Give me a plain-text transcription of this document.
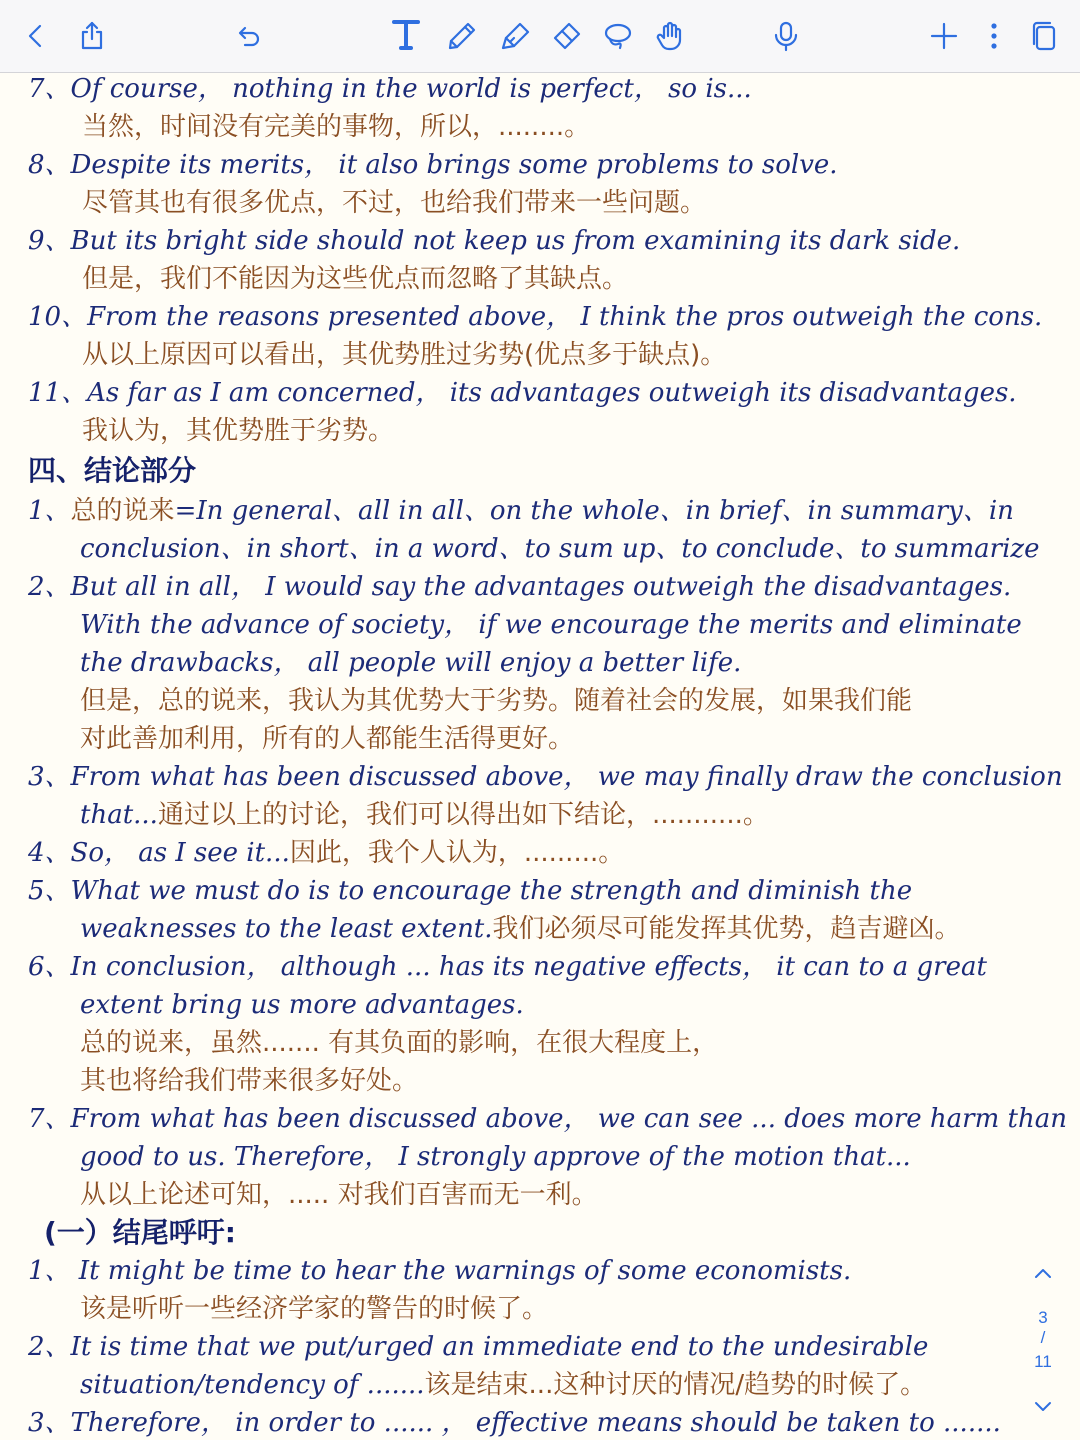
7、Of course， nothing in the world is perfect， so is...
当然，时间没有完美的事物，所以，........。
8、Despite its merits， it also brings some problems to solve.
尽管其也有很多优点，不过，也给我们带来一些问题。
9、But its bright side should not keep us from examining its dark side.
但是，我们不能因为这些优点而忽略了其缺点。
10、From the reasons presented above， I think the pros outweigh the cons.
从以上原因可以看出，其优势胜过劣势(优点多于缺点)。
11、As far as I am concerned， its advantages outweigh its disadvantages.
我认为，其优势胜于劣势。
四、结论部分
1、总的说来=In general、all in all、on the whole、in brief、in summary、in
conclusion、in short、in a word、to sum up、to conclude、to summarize
2、But all in all， I would say the advantages outweigh the disadvantages.
With the advance of society， if we encourage the merits and eliminate
the drawbacks， all people will enjoy a better life.
但是，总的说来，我认为其优势大于劣势。随着社会的发展，如果我们能
对此善加利用，所有的人都能生活得更好。
3、From what has been discussed above， we may finally draw the conclusion
that...通过以上的讨论，我们可以得出如下结论，...........。
4、So， as I see it...因此，我个人认为，.........。
5、What we must do is to encourage the strength and diminish the
weaknesses to the least extent.我们必须尽可能发挥其优势，趋吉避凶。
6、In conclusion， although ... has its negative effects， it can to a great
extent bring us more advantages.
总的说来，虽然....... 有其负面的影响，在很大程度上，
其也将给我们带来很多好处。
7、From what has been discussed above， we can see ... does more harm than
good to us. Therefore， I strongly approve of the motion that...
从以上论述可知，..... 对我们百害而无一利。
(一）结尾呼吁:
1、 It might be time to hear the warnings of some economists.
该是听听一些经济学家的警告的时候了。
2、It is time that we put/urged an immediate end to the undesirable
situation/tendency of .......该是结束...这种讨厌的情况/趋势的时候了。
3、Therefore， in order to ...... ， effective means should be taken to .......
3
/
11
